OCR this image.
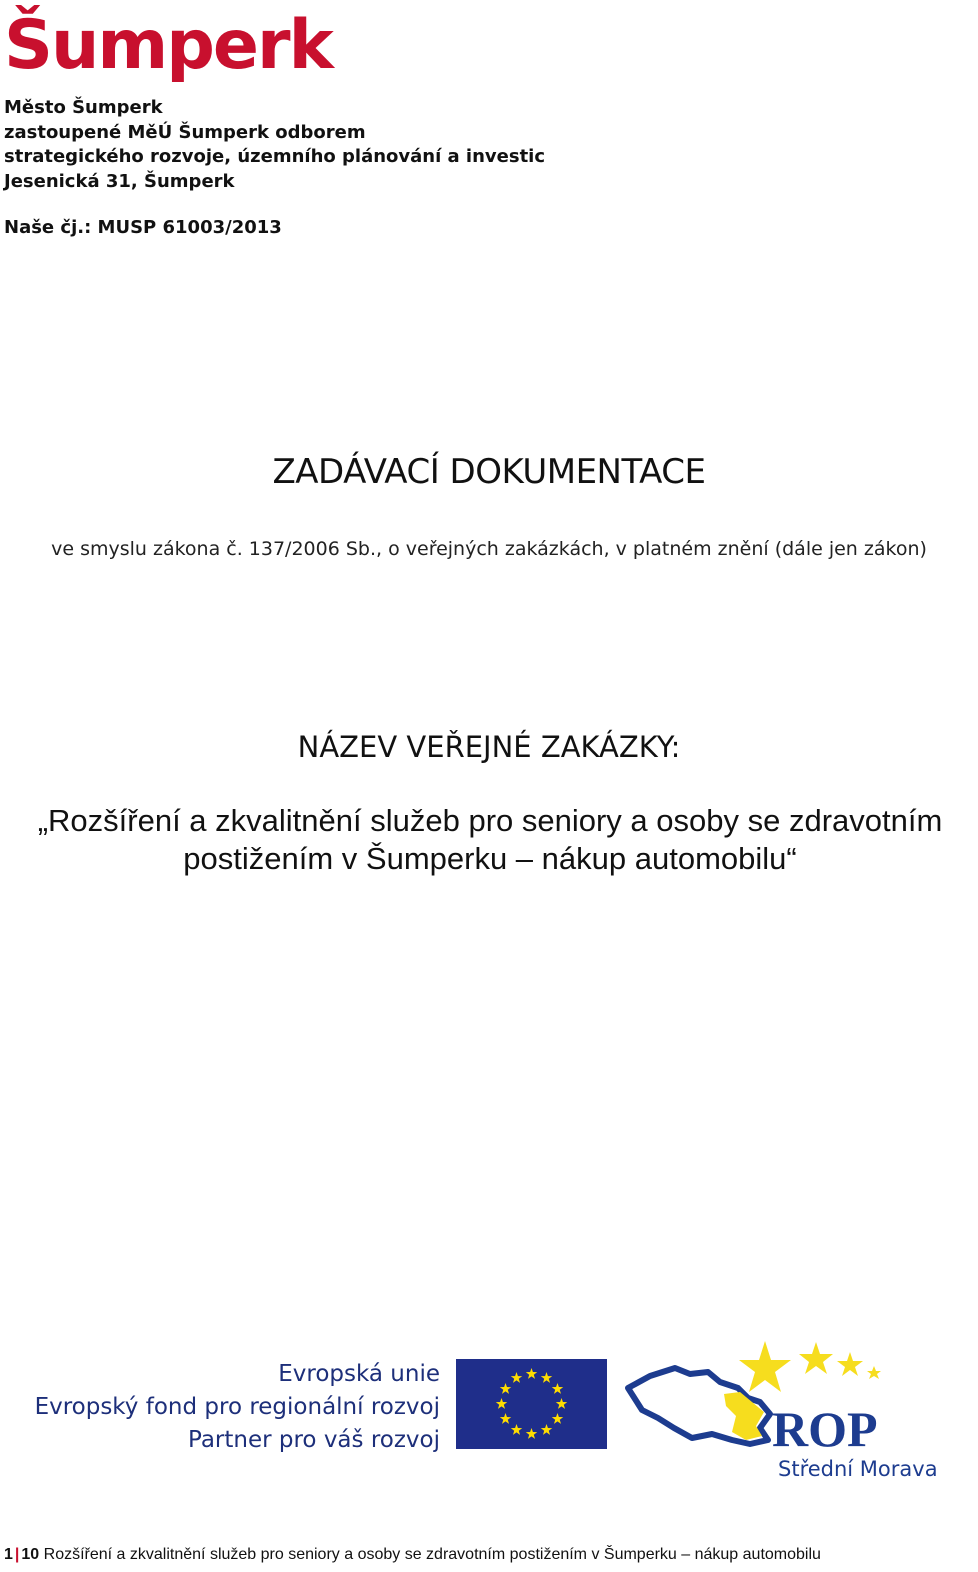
Šumperk
Město Šumperk
zastoupené MěÚ Šumperk odborem
strategického rozvoje, územního plánování a investic
Jesenická 31, Šumperk
Naše čj.: MUSP 61003/2013
ZADÁVACÍ DOKUMENTACE
ve smyslu zákona č. 137/2006 Sb., o veřejných zakázkách, v platném znění (dále jen zákon)
NÁZEV VEŘEJNÉ ZAKÁZKY:
„Rozšíření a zkvalitnění služeb pro seniory a osoby se zdravotním
postižením v Šumperku – nákup automobilu“
Evropská unie
Evropský fond pro regionální rozvoj
Partner pro váš rozvoj	ROP
Střední Morava
1 | 10 Rozšíření a zkvalitnění služeb pro seniory a osoby se zdravotním postižením v Šumperku – nákup automobilu
